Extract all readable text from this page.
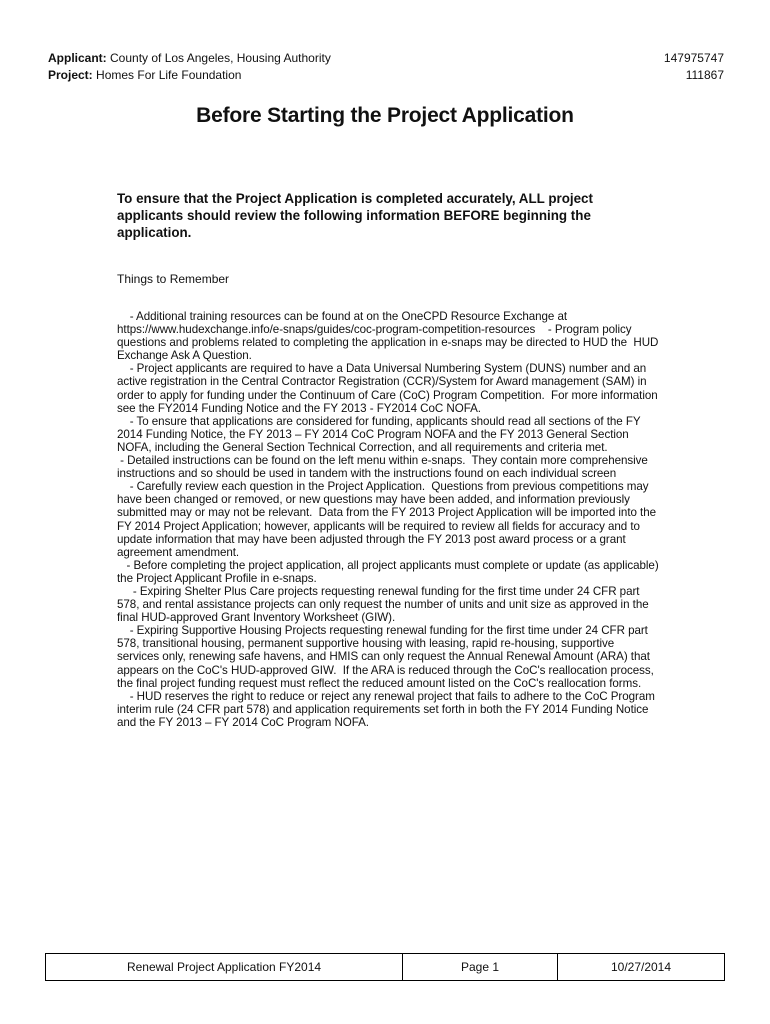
Applicant: County of Los Angeles, Housing Authority	147975747
Project: Homes For Life Foundation	111867
Before Starting the Project Application
To ensure that the Project Application is completed accurately, ALL project applicants should review the following information BEFORE beginning the application.
Things to Remember

- Additional training resources can be found at on the OneCPD Resource Exchange at https://www.hudexchange.info/e-snaps/guides/coc-program-competition-resources    - Program policy questions and problems related to completing the application in e-snaps may be directed to HUD the  HUD Exchange Ask A Question.

- Project applicants are required to have a Data Universal Numbering System (DUNS) number and an active registration in the Central Contractor Registration (CCR)/System for Award management (SAM) in order to apply for funding under the Continuum of Care (CoC) Program Competition.  For more information see the FY2014 Funding Notice and the FY 2013 - FY2014 CoC NOFA.

- To ensure that applications are considered for funding, applicants should read all sections of the FY 2014 Funding Notice, the FY 2013 – FY 2014 CoC Program NOFA and the FY 2013 General Section NOFA, including the General Section Technical Correction, and all requirements and criteria met.

- Detailed instructions can be found on the left menu within e-snaps.  They contain more comprehensive instructions and so should be used in tandem with the instructions found on each individual screen

- Carefully review each question in the Project Application.  Questions from previous competitions may have been changed or removed, or new questions may have been added, and information previously submitted may or may not be relevant.  Data from the FY 2013 Project Application will be imported into the FY 2014 Project Application; however, applicants will be required to review all fields for accuracy and to update information that may have been adjusted through the FY 2013 post award process or a grant agreement amendment.

- Before completing the project application, all project applicants must complete or update (as applicable) the Project Applicant Profile in e-snaps.

- Expiring Shelter Plus Care projects requesting renewal funding for the first time under 24 CFR part 578, and rental assistance projects can only request the number of units and unit size as approved in the final HUD-approved Grant Inventory Worksheet (GIW).

- Expiring Supportive Housing Projects requesting renewal funding for the first time under 24 CFR part 578, transitional housing, permanent supportive housing with leasing, rapid re-housing, supportive services only, renewing safe havens, and HMIS can only request the Annual Renewal Amount (ARA) that appears on the CoC's HUD-approved GIW.  If the ARA is reduced through the CoC's reallocation process, the final project funding request must reflect the reduced amount listed on the CoC's reallocation forms.

- HUD reserves the right to reduce or reject any renewal project that fails to adhere to the CoC Program interim rule (24 CFR part 578) and application requirements set forth in both the FY 2014 Funding Notice and the FY 2013 – FY 2014 CoC Program NOFA.

Renewal Project Application FY2014	Page 1	10/27/2014
